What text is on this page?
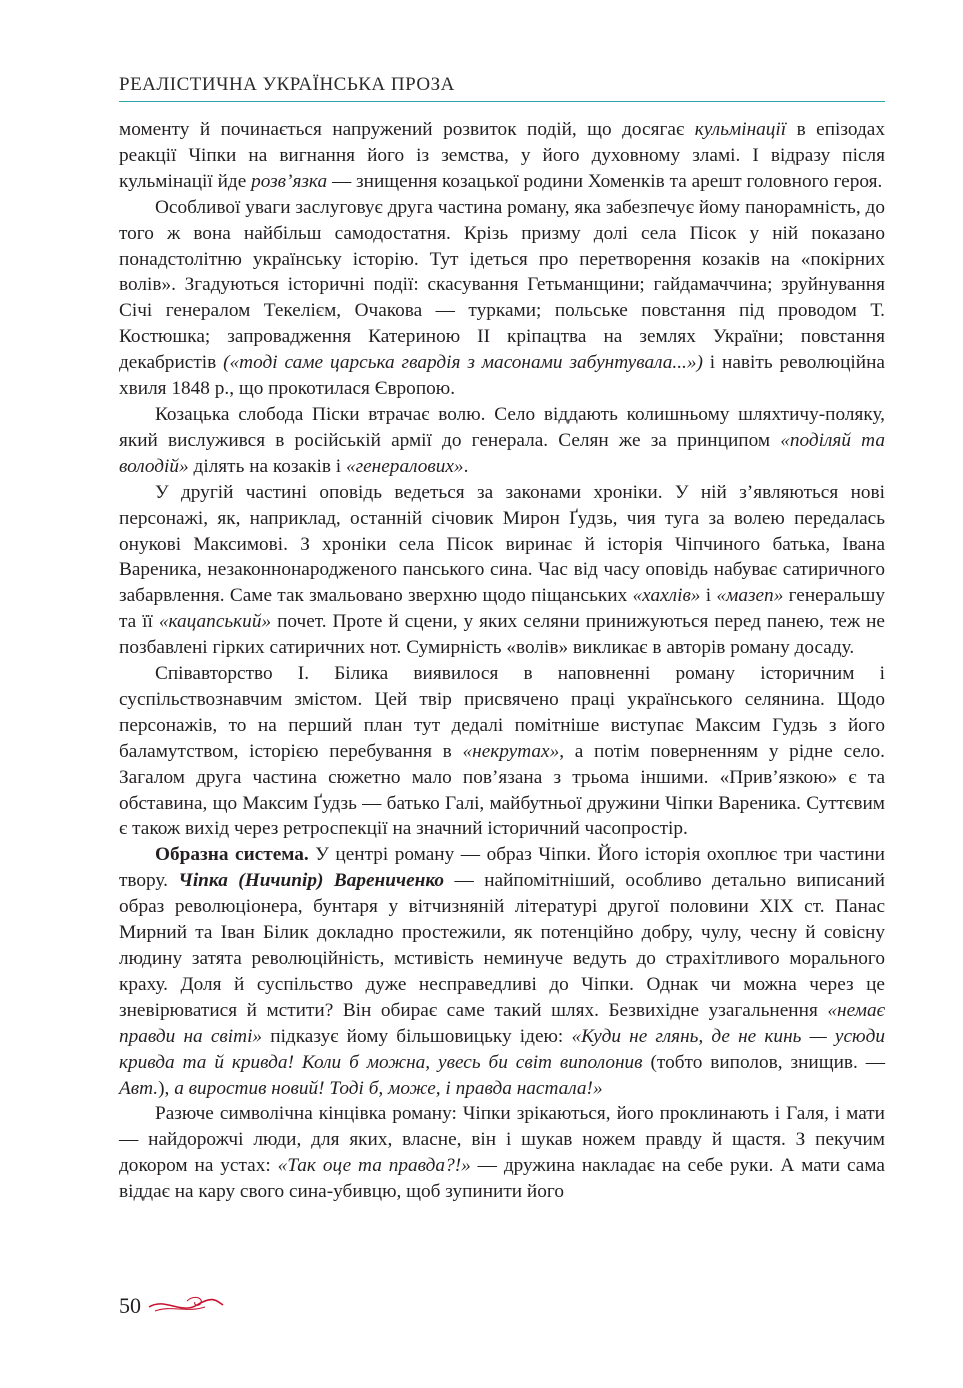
РЕАЛІСТИЧНА УКРАЇНСЬКА ПРОЗА

моменту й починається напружений розвиток подій, що досягає кульмінації в епізодах реакції Чіпки на вигнання його із земства, у його духовному зламі. І відразу після кульмінації йде розв’язка — знищення козацької родини Хоменків та арешт головного героя.

Особливої уваги заслуговує друга частина роману, яка забезпечує йому панорамність, до того ж вона найбільш самодостатня. Крізь призму долі села Пісок у ній показано понадстолітню українську історію. Тут ідеться про перетворення козаків на «покірних волів». Згадуються історичні події: скасування Гетьманщини; гайдамаччина; зруйнування Січі генералом Текелієм, Очакова — турками; польське повстання під проводом Т. Костюшка; запровадження Катериною ІІ кріпацтва на землях України; повстання декабристів («тоді саме царська гвардія з масонами забунтувала...») і навіть революційна хвиля 1848 р., що прокотилася Європою.

Козацька слобода Піски втрачає волю. Село віддають колишньому шляхтичу-поляку, який вислужився в російській армії до генерала. Селян же за принципом «поділяй та володій» ділять на козаків і «генералових».

У другій частині оповідь ведеться за законами хроніки. У ній з’являються нові персонажі, як, наприклад, останній січовик Мирон Ґудзь, чия туга за волею передалась онукові Максимові. З хроніки села Пісок виринає й історія Чіпчиного батька, Івана Вареника, незаконнонародженого панського сина. Час від часу оповідь набуває сатиричного забарвлення. Саме так змальовано зверхню щодо піщанських «хахлів» і «мазеп» генеральшу та її «кацапський» почет. Проте й сцени, у яких селяни принижуються перед панею, теж не позбавлені гірких сатиричних нот. Сумирність «волів» викликає в авторів роману досаду.

Співавторство І. Білика виявилося в наповненні роману історичним і суспільствознавчим змістом. Цей твір присвячено праці українського селянина. Щодо персонажів, то на перший план тут дедалі помітніше виступає Максим Гудзь з його баламутством, історією перебування в «некрутах», а потім поверненням у рідне село. Загалом друга частина сюжетно мало пов’язана з трьома іншими. «Прив’язкою» є та обставина, що Максим Ґудзь — батько Галі, майбутньої дружини Чіпки Вареника. Суттєвим є також вихід через ретроспекції на значний історичний часопростір.

Образна система. У центрі роману — образ Чіпки. Його історія охоплює три частини твору. Чіпка (Ничипір) Варениченко — найпомітніший, особливо детально виписаний образ революціонера, бунтаря у вітчизняній літературі другої половини XIX ст. Панас Мирний та Іван Білик докладно простежили, як потенційно добру, чулу, чесну й совісну людину затята революційність, мстивість неминуче ведуть до страхітливого морального краху. Доля й суспільство дуже несправедливі до Чіпки. Однак чи можна через це зневірюватися й мстити? Він обирає саме такий шлях. Безвихідне узагальнення «немає правди на світі» підказує йому більшовицьку ідею: «Куди не глянь, де не кинь — усюди кривда та й кривда! Коли б можна, увесь би світ виполонив (тобто виполов, знищив. — Авт.), а виростив новий! Тоді б, може, і правда настала!»

Разюче символічна кінцівка роману: Чіпки зрікаються, його проклинають і Галя, і мати — найдорожчі люди, для яких, власне, він і шукав ножем правду й щастя. З пекучим докором на устах: «Так оце та правда?!» — дружина накладає на себе руки. А мати сама віддає на кару свого сина-убивцю, щоб зупинити його

50
